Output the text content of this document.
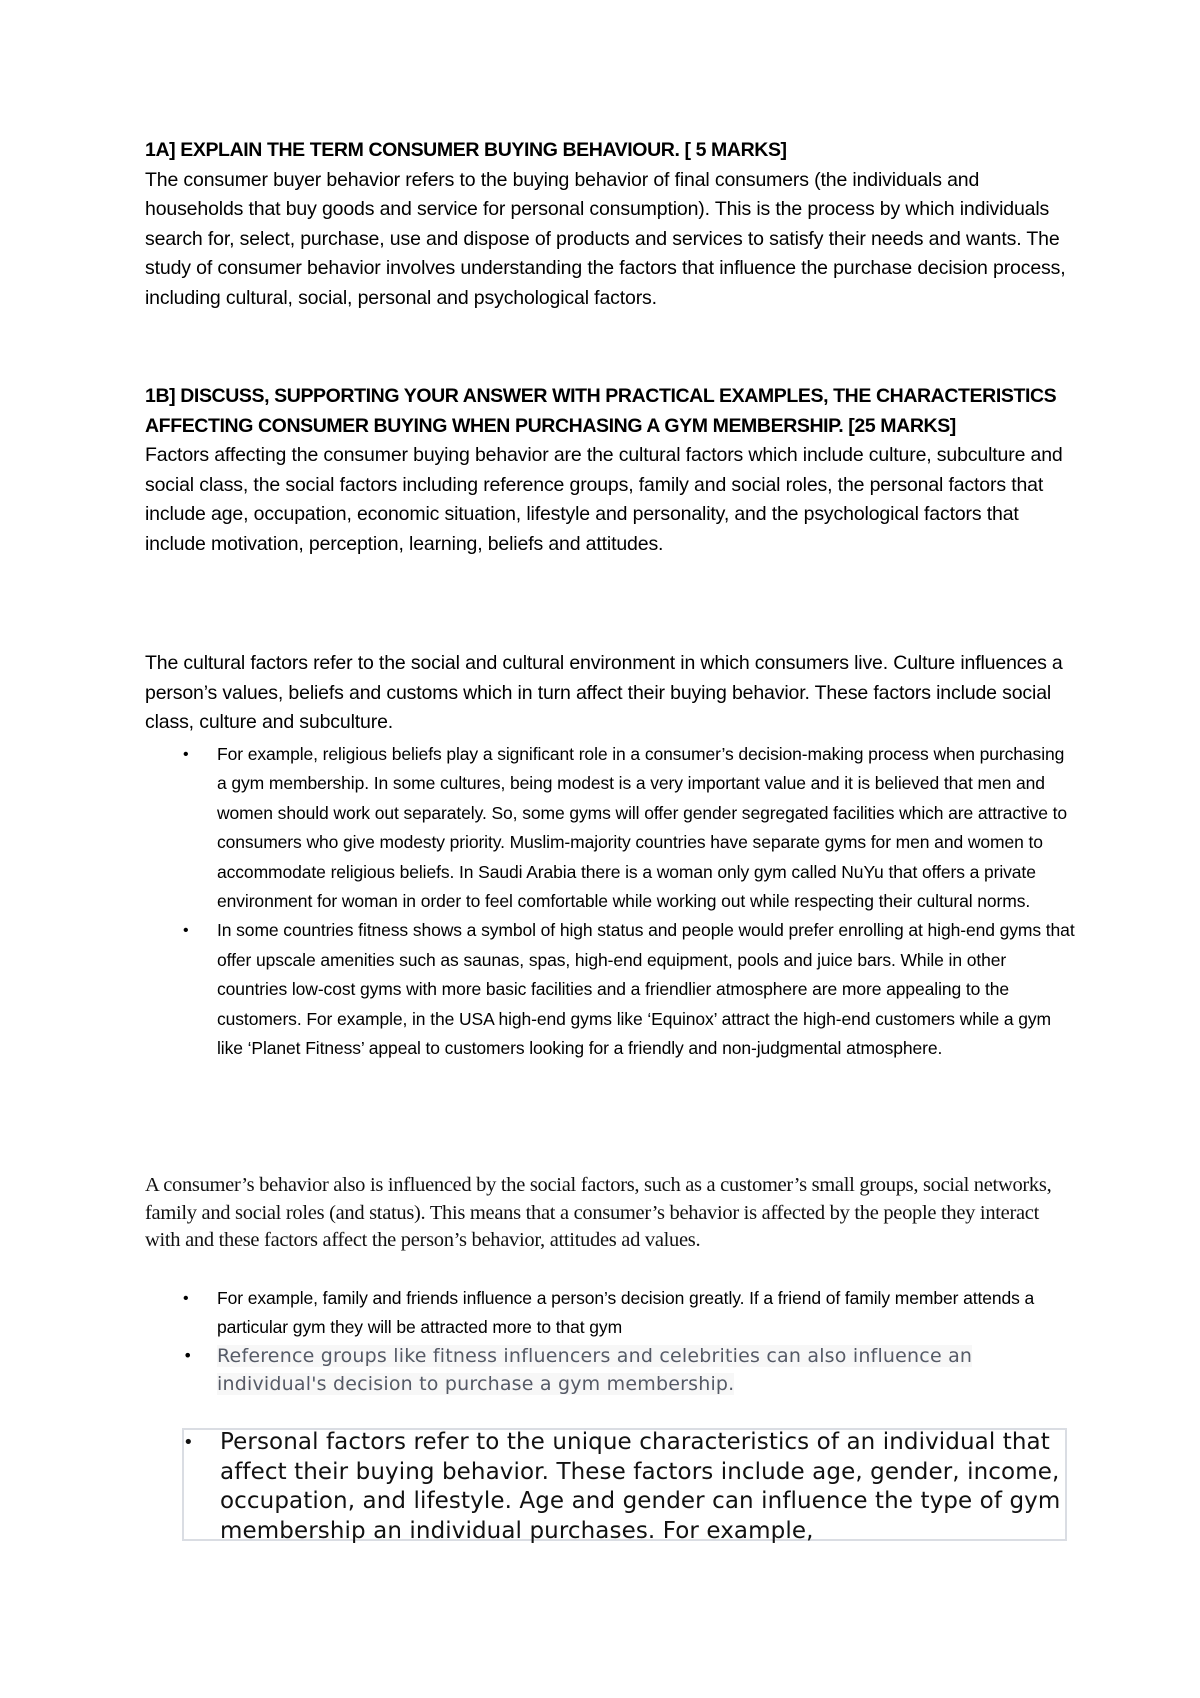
1A] EXPLAIN THE TERM CONSUMER BUYING BEHAVIOUR. [ 5 MARKS]

The consumer buyer behavior refers to the buying behavior of final consumers (the individuals and households that buy goods and service for personal consumption). This is the process by which individuals search for, select, purchase, use and dispose of products and services to satisfy their needs and wants. The study of consumer behavior involves understanding the factors that influence the purchase decision process, including cultural, social, personal and psychological factors.

1B] DISCUSS, SUPPORTING YOUR ANSWER WITH PRACTICAL EXAMPLES, THE CHARACTERISTICS AFFECTING CONSUMER BUYING WHEN PURCHASING A GYM MEMBERSHIP. [25 MARKS]

Factors affecting the consumer buying behavior are the cultural factors which include culture, subculture and social class, the social factors including reference groups, family and social roles, the personal factors that include age, occupation, economic situation, lifestyle and personality, and the psychological factors that include motivation, perception, learning, beliefs and attitudes.

The cultural factors refer to the social and cultural environment in which consumers live. Culture influences a person’s values, beliefs and customs which in turn affect their buying behavior. These factors include social class, culture and subculture.

• For example, religious beliefs play a significant role in a consumer’s decision-making process when purchasing a gym membership. In some cultures, being modest is a very important value and it is believed that men and women should work out separately. So, some gyms will offer gender segregated facilities which are attractive to consumers who give modesty priority. Muslim-majority countries have separate gyms for men and women to accommodate religious beliefs. In Saudi Arabia there is a woman only gym called NuYu that offers a private environment for woman in order to feel comfortable while working out while respecting their cultural norms.
• In some countries fitness shows a symbol of high status and people would prefer enrolling at high-end gyms that offer upscale amenities such as saunas, spas, high-end equipment, pools and juice bars. While in other countries low-cost gyms with more basic facilities and a friendlier atmosphere are more appealing to the customers. For example, in the USA high-end gyms like ‘Equinox’ attract the high-end customers while a gym like ‘Planet Fitness’ appeal to customers looking for a friendly and non-judgmental atmosphere.

A consumer’s behavior also is influenced by the social factors, such as a customer’s small groups, social networks, family and social roles (and status). This means that a consumer’s behavior is affected by the people they interact with and these factors affect the person’s behavior, attitudes ad values.

• For example, family and friends influence a person’s decision greatly. If a friend of family member attends a particular gym they will be attracted more to that gym
• Reference groups like fitness influencers and celebrities can also influence an individual's decision to purchase a gym membership.
• Personal factors refer to the unique characteristics of an individual that affect their buying behavior. These factors include age, gender, income, occupation, and lifestyle. Age and gender can influence the type of gym membership an individual purchases. For example,
